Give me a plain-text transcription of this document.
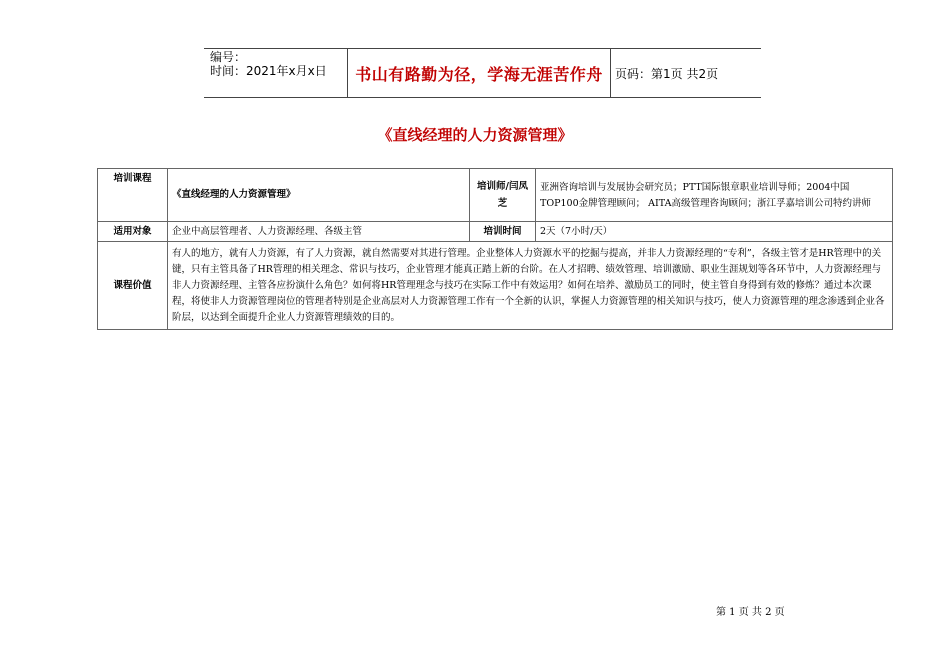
编号：
时间：2021年x月x日	书山有路勤为径，学海无涯苦作舟	页码：第1页 共2页
《直线经理的人力资源管理》
培训课程	《直线经理的人力资源管理》	培训师/闫凤芝	亚洲咨询培训与发展协会研究员；PTT国际银章职业培训导师；2004中国TOP100金牌管理顾问； AITA高级管理咨询顾问；浙江孚嘉培训公司特约讲师
适用对象	企业中高层管理者、人力资源经理、各级主管	培训时间	2天（7小时/天）
课程价值	有人的地方，就有人力资源，有了人力资源，就自然需要对其进行管理。企业整体人力资源水平的挖掘与提高，并非人力资源经理的“专利”，各级主管才是HR管理中的关键，只有主管具备了HR管理的相关理念、常识与技巧，企业管理才能真正踏上新的台阶。在人才招聘、绩效管理、培训激励、职业生涯规划等各环节中，人力资源经理与非人力资源经理、主管各应扮演什么角色？如何将HR管理理念与技巧在实际工作中有效运用？如何在培养、激励员工的同时，使主管自身得到有效的修炼？通过本次课程，将使非人力资源管理岗位的管理者特别是企业高层对人力资源管理工作有一个全新的认识，掌握人力资源管理的相关知识与技巧，使人力资源管理的理念渗透到企业各阶层，以达到全面提升企业人力资源管理绩效的目的。		
第 1 页 共 2 页
